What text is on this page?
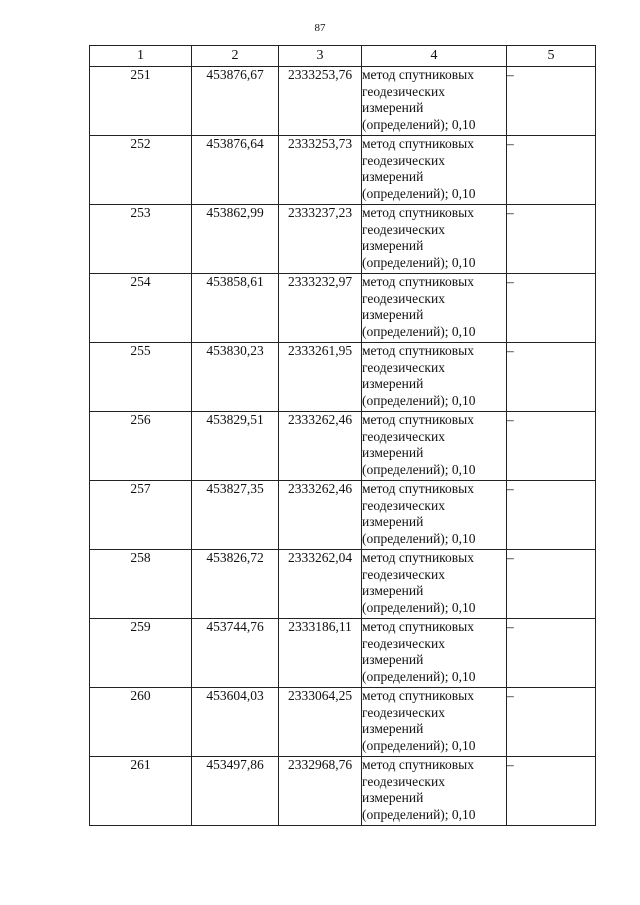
87
1	2	3	4	5
251	453876,67	2333253,76	метод спутниковых геодезических измерений (определений); 0,10	–
252	453876,64	2333253,73	метод спутниковых геодезических измерений (определений); 0,10	–
253	453862,99	2333237,23	метод спутниковых геодезических измерений (определений); 0,10	–
254	453858,61	2333232,97	метод спутниковых геодезических измерений (определений); 0,10	–
255	453830,23	2333261,95	метод спутниковых геодезических измерений (определений); 0,10	–
256	453829,51	2333262,46	метод спутниковых геодезических измерений (определений); 0,10	–
257	453827,35	2333262,46	метод спутниковых геодезических измерений (определений); 0,10	–
258	453826,72	2333262,04	метод спутниковых геодезических измерений (определений); 0,10	–
259	453744,76	2333186,11	метод спутниковых геодезических измерений (определений); 0,10	–
260	453604,03	2333064,25	метод спутниковых геодезических измерений (определений); 0,10	–
261	453497,86	2332968,76	метод спутниковых геодезических измерений (определений); 0,10	–
